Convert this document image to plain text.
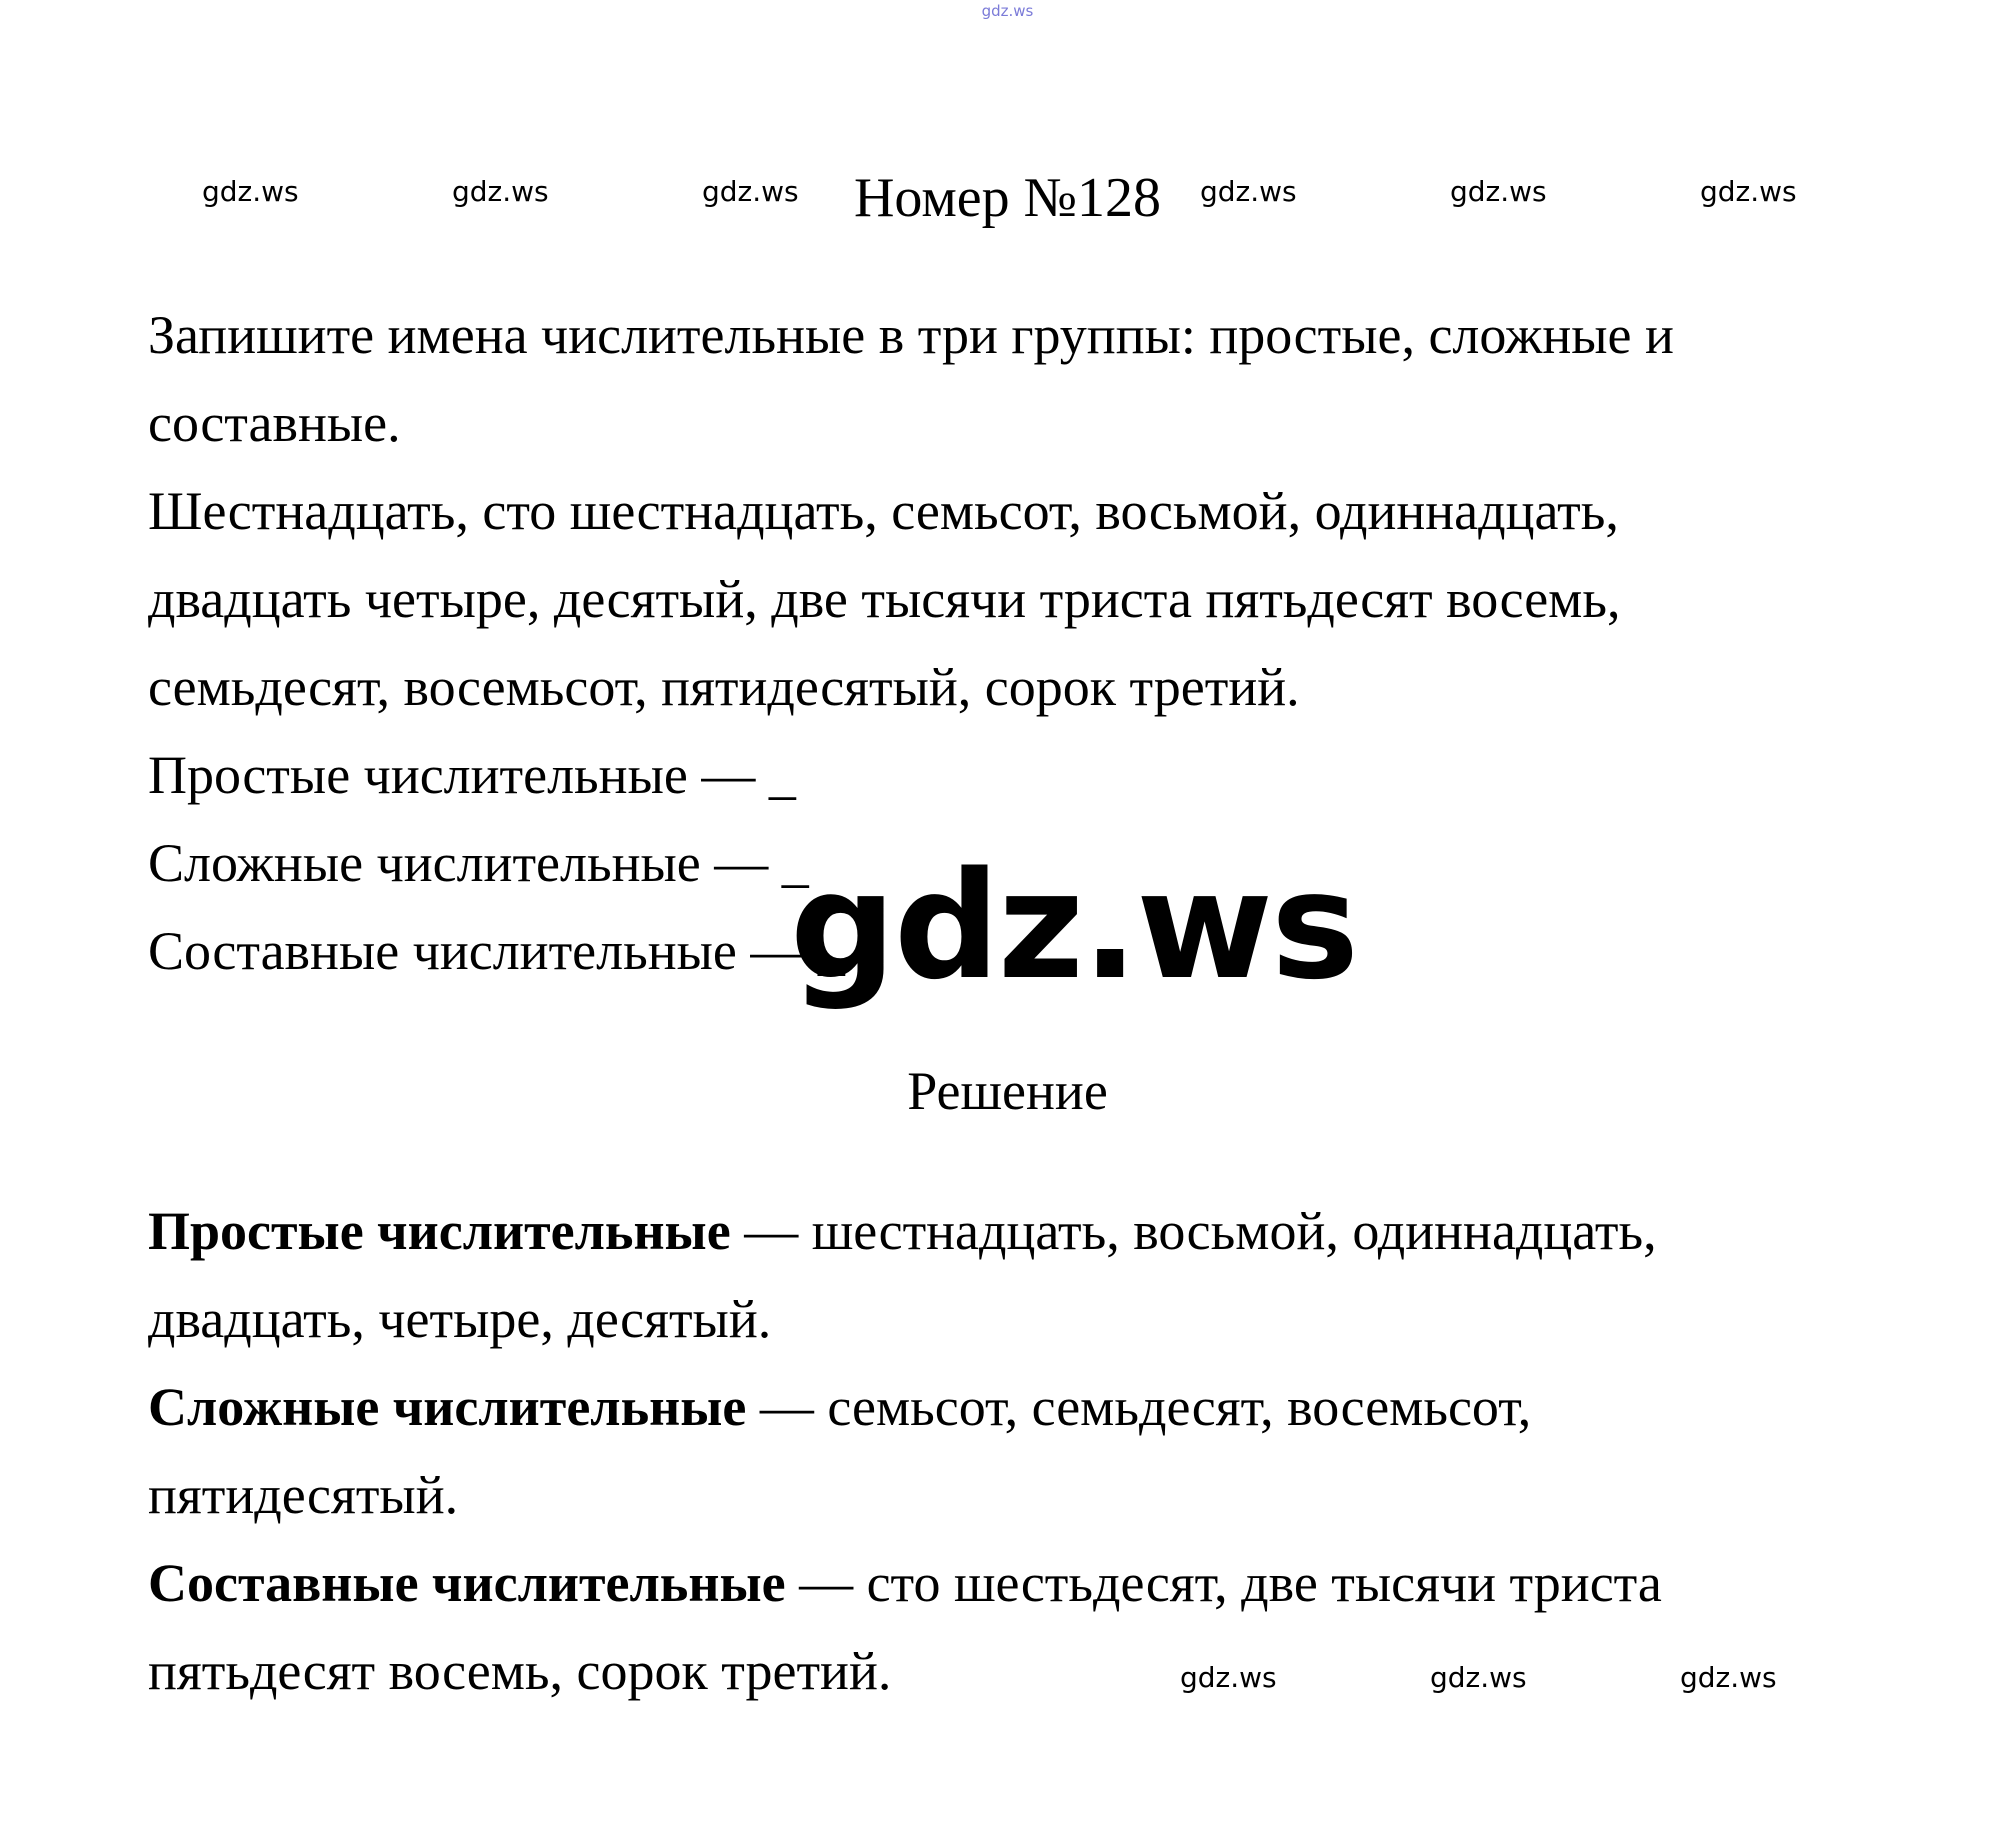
gdz.ws
gdz.ws	gdz.ws	gdz.ws	gdz.ws	gdz.ws	gdz.ws
Номер №128
Запишите имена числительные в три группы: простые, сложные и
составные.
Шестнадцать, сто шестнадцать, семьсот, восьмой, одиннадцать,
двадцать четыре, десятый, две тысячи триста пятьдесят восемь,
семьдесят, восемьсот, пятидесятый, сорок третий.
Простые числительные — _
Сложные числительные — _
Составные числительные — _
gdz.ws
Решение
Простые числительные — шестнадцать, восьмой, одиннадцать,
двадцать, четыре, десятый.
Сложные числительные — семьсот, семьдесят, восемьсот,
пятидесятый.
Составные числительные — сто шестьдесят, две тысячи триста
пятьдесят восемь, сорок третий.	gdz.ws	gdz.ws	gdz.ws
